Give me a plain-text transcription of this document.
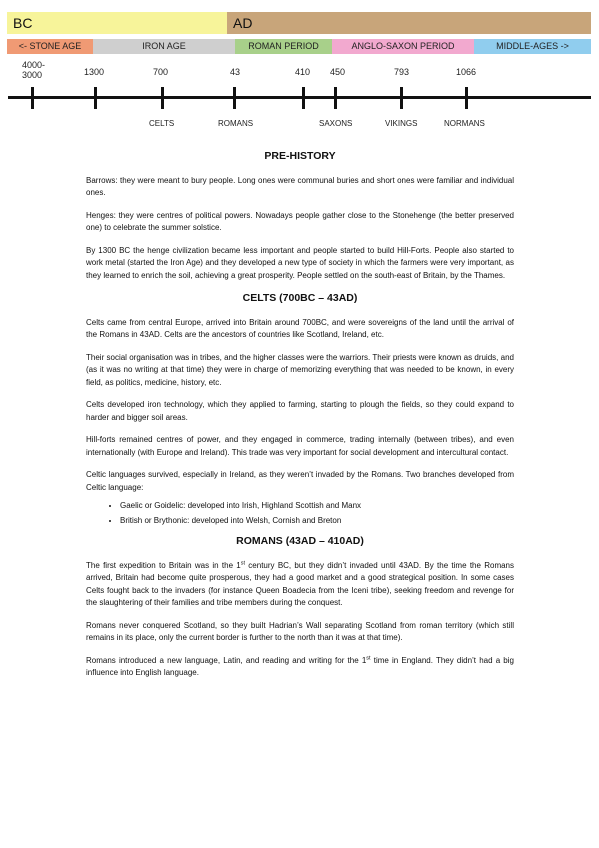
BC	AD
<- STONE AGE	IRON AGE	ROMAN PERIOD	ANGLO-SAXON PERIOD	MIDDLE-AGES ->
4000-
3000	1300	700	43	410 450	793	1066
CELTS	ROMANS	SAXONS	VIKINGS	NORMANS
PRE-HISTORY

Barrows: they were meant to bury people. Long ones were communal buries and short ones were familiar and individual ones.

Henges: they were centres of political powers. Nowadays people gather close to the Stonehenge (the better preserved one) to celebrate the summer solstice.

By 1300 BC the henge civilization became less important and people started to build Hill-Forts. People also started to work metal (started the Iron Age) and they developed a new type of society in which the farmers were very important, as they learned to enrich the soil, achieving a great prosperity. People settled on the south-east of Britain, by the Thames.

CELTS (700BC – 43AD)

Celts came from central Europe, arrived into Britain around 700BC, and were sovereigns of the land until the arrival of the Romans in 43AD. Celts are the ancestors of countries like Scotland, Ireland, etc.

Their social organisation was in tribes, and the higher classes were the warriors. Their priests were known as druids, and (as it was no writing at that time) they were in charge of memorizing everything that was needed to be known, in every field, as politics, medicine, history, etc.

Celts developed iron technology, which they applied to farming, starting to plough the fields, so they could expand to harder and bigger soil areas.

Hill-forts remained centres of power, and they engaged in commerce, trading internally (between tribes), and even internationally (with Europe and Ireland). This trade was very important for social development and intercultural contact.

Celtic languages survived, especially in Ireland, as they weren’t invaded by the Romans. Two branches developed from Celtic language:

• Gaelic or Goidelic: developed into Irish, Highland Scottish and Manx
• British or Brythonic: developed into Welsh, Cornish and Breton
ROMANS (43AD – 410AD)

The first expedition to Britain was in the 1st century BC, but they didn’t invaded until 43AD. By the time the Romans arrived, Britain had become quite prosperous, they had a good market and a good strategical position. In some cases Celts fought back to the invaders (for instance Queen Boadecia from the Iceni tribe), seeking freedom and revenge for the slaughtering of their families and tribe members during the conquest.

Romans never conquered Scotland, so they built Hadrian’s Wall separating Scotland from roman territory (which still remains in its place, only the current border is further to the north than it was at that time).

Romans introduced a new language, Latin, and reading and writing for the 1st time in England. They didn’t had a big influence into English language.
